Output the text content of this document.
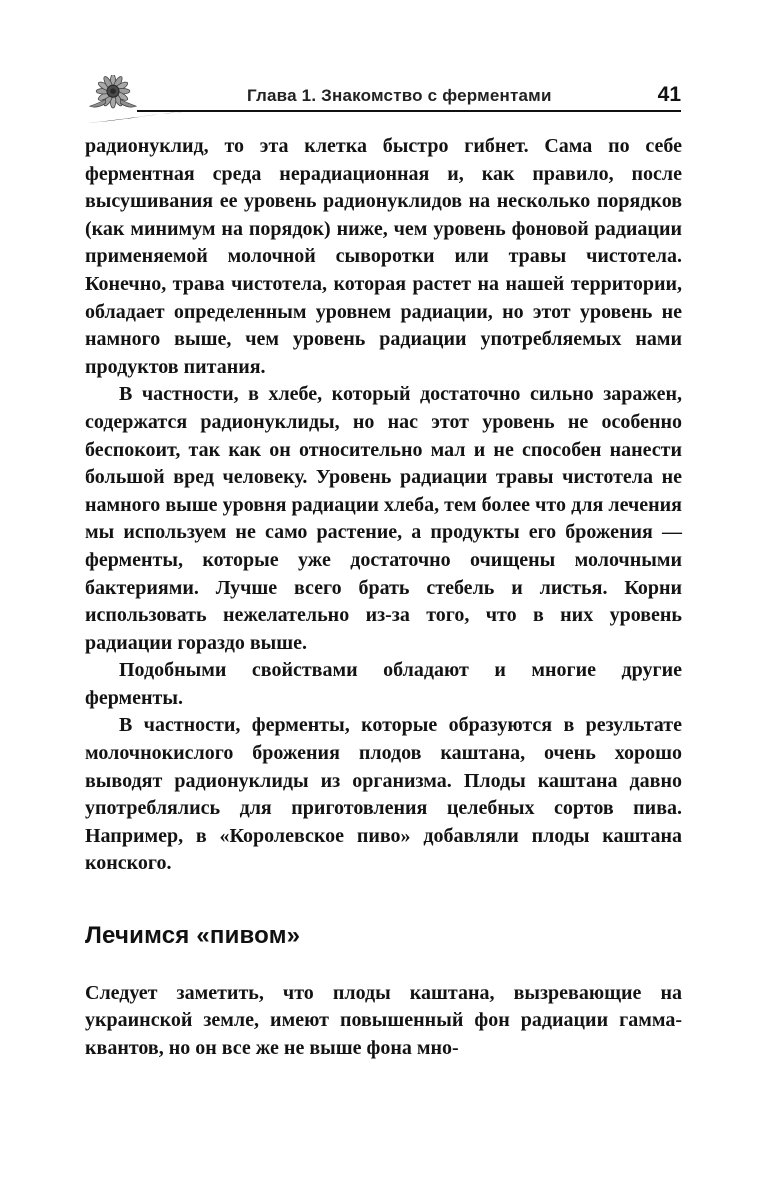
Глава 1. Знакомство с ферментами	41

радионуклид, то эта клетка быстро гибнет. Сама по себе ферментная среда нерадиационная и, как правило, после высушивания ее уровень радионуклидов на несколько порядков (как минимум на порядок) ниже, чем уровень фоновой радиации применяемой молочной сыворотки или травы чистотела. Конечно, трава чистотела, которая растет на нашей территории, обладает определенным уровнем радиации, но этот уровень не намного выше, чем уровень радиации употребляемых нами продуктов питания.

В частности, в хлебе, который достаточно сильно заражен, содержатся радионуклиды, но нас этот уровень не особенно беспокоит, так как он относительно мал и не способен нанести большой вред человеку. Уровень радиации травы чистотела не намного выше уровня радиации хлеба, тем более что для лечения мы используем не само растение, а продукты его брожения — ферменты, которые уже достаточно очищены молочными бактериями. Лучше всего брать стебель и листья. Корни использовать нежелательно из-за того, что в них уровень радиации гораздо выше.

Подобными свойствами обладают и многие другие ферменты.

В частности, ферменты, которые образуются в результате молочнокислого брожения плодов каштана, очень хорошо выводят радионуклиды из организма. Плоды каштана давно употреблялись для приготовления целебных сортов пива. Например, в «Королевское пиво» добавляли плоды каштана конского.

Лечимся «пивом»

Следует заметить, что плоды каштана, вызревающие на украинской земле, имеют повышенный фон радиации гамма-квантов, но он все же не выше фона мно-
